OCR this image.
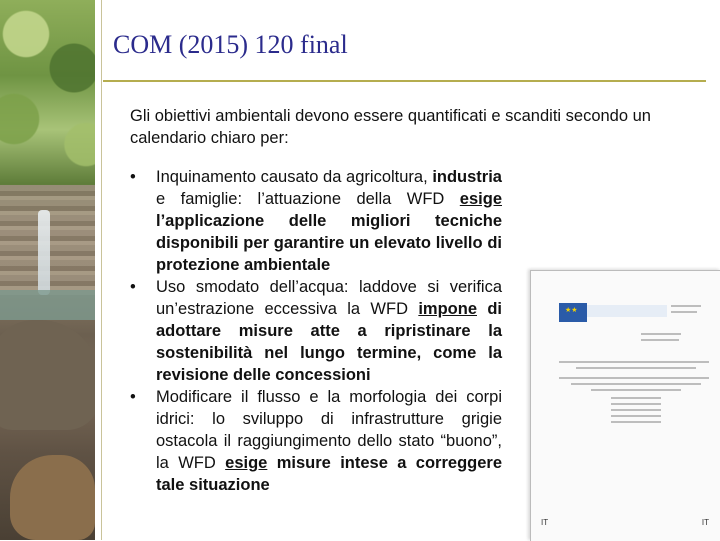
COM (2015) 120 final
Gli obiettivi ambientali devono essere quantificati e scanditi secondo un calendario chiaro per:
•	Inquinamento causato da agricoltura, industria e famiglie: l’attuazione della WFD esige l’applicazione delle migliori tecniche disponibili per garantire un elevato livello di protezione ambientale
•	Uso smodato dell’acqua: laddove si verifica un’estrazione eccessiva la WFD impone di adottare misure atte a ripristinare la sostenibilità nel lungo termine, come la revisione delle concessioni
•	Modificare il flusso e la morfologia dei corpi idrici: lo sviluppo di infrastrutture grigie ostacola il raggiungimento dello stato “buono”, la WFD esige misure intese a correggere tale situazione
★★
IT	IT
